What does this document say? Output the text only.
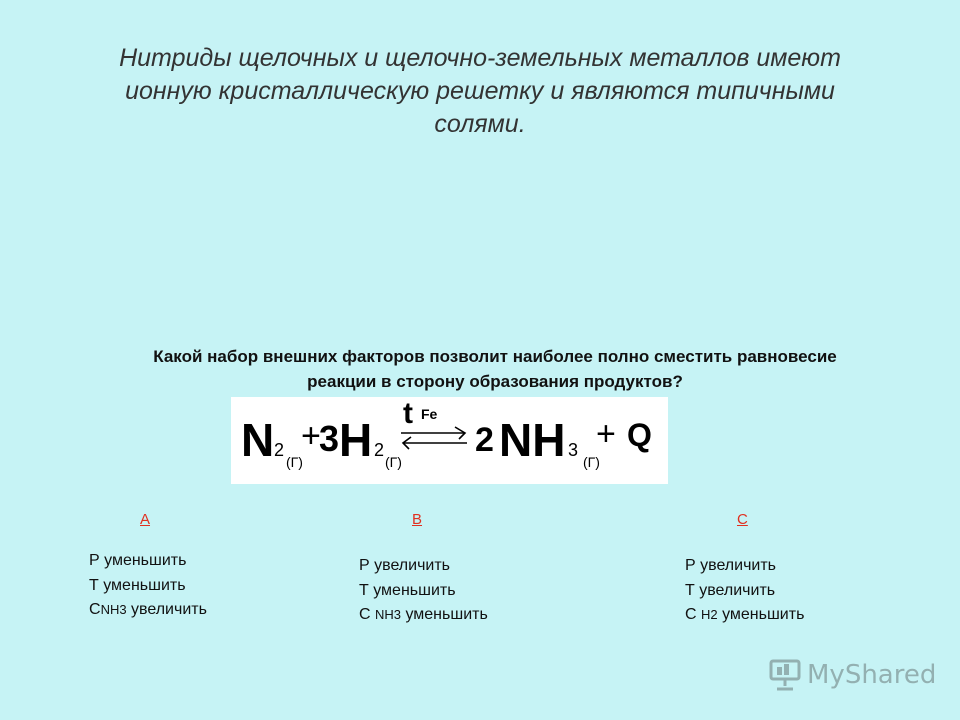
Нитриды щелочных и щелочно-земельных металлов имеют
ионную кристаллическую решетку и являются типичными
солями.
Какой набор внешних факторов позволит наиболее полно сместить равновесие
реакции в сторону образования продуктов?
N 2
(Г)
+
3 H 2
(Г)
t Fe
2 NH 3
(Г)
+ Q
A	B	C
Р уменьшить
Т уменьшить
СNH3 увеличить
Р увеличить
Т уменьшить
С NH3 уменьшить
Р увеличить
Т увеличить
С H2 уменьшить
MyShared
